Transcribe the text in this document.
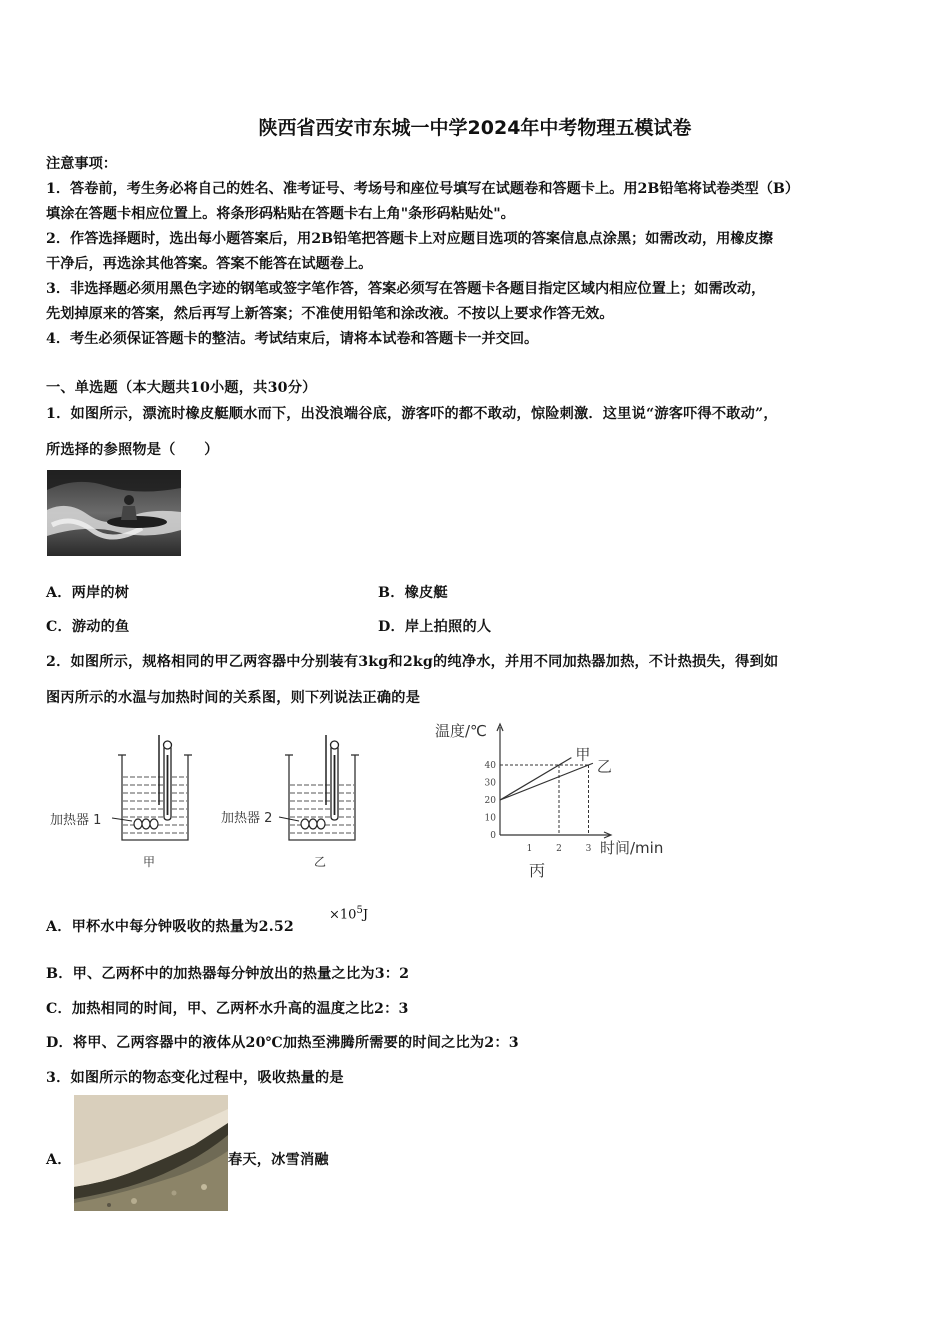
陕西省西安市东城一中学2024年中考物理五模试卷
注意事项：
1．答卷前，考生务必将自己的姓名、准考证号、考场号和座位号填写在试题卷和答题卡上。用2B铅笔将试卷类型（B）
填涂在答题卡相应位置上。将条形码粘贴在答题卡右上角"条形码粘贴处"。
2．作答选择题时，选出每小题答案后，用2B铅笔把答题卡上对应题目选项的答案信息点涂黑；如需改动，用橡皮擦
干净后，再选涂其他答案。答案不能答在试题卷上。
3．非选择题必须用黑色字迹的钢笔或签字笔作答，答案必须写在答题卡各题目指定区域内相应位置上；如需改动，
先划掉原来的答案，然后再写上新答案；不准使用铅笔和涂改液。不按以上要求作答无效。
4．考生必须保证答题卡的整洁。考试结束后，请将本试卷和答题卡一并交回。
一、单选题（本大题共10小题，共30分）
1．如图所示，漂流时橡皮艇顺水而下，出没浪端谷底，游客吓的都不敢动，惊险刺激．这里说“游客吓得不敢动”，
所选择的参照物是（　　）
A．两岸的树	B．橡皮艇
C．游动的鱼	D．岸上拍照的人
2．如图所示，规格相同的甲乙两容器中分别装有3kg和2kg的纯净水，并用不同加热器加热，不计热损失，得到如
图丙所示的水温与加热时间的关系图，则下列说法正确的是
加热器 1
甲
加热器 2
乙
温度/℃
时间/min
0
10
20
30
40
1	2	3
甲
乙
丙
A．甲杯水中每分钟吸收的热量为2.52
$\times 10^5J$
B．甲、乙两杯中的加热器每分钟放出的热量之比为3：2
C．加热相同的时间，甲、乙两杯水升高的温度之比2：3
D．将甲、乙两容器中的液体从20℃加热至沸腾所需要的时间之比为2：3
3．如图所示的物态变化过程中，吸收热量的是
A．	春天，冰雪消融
